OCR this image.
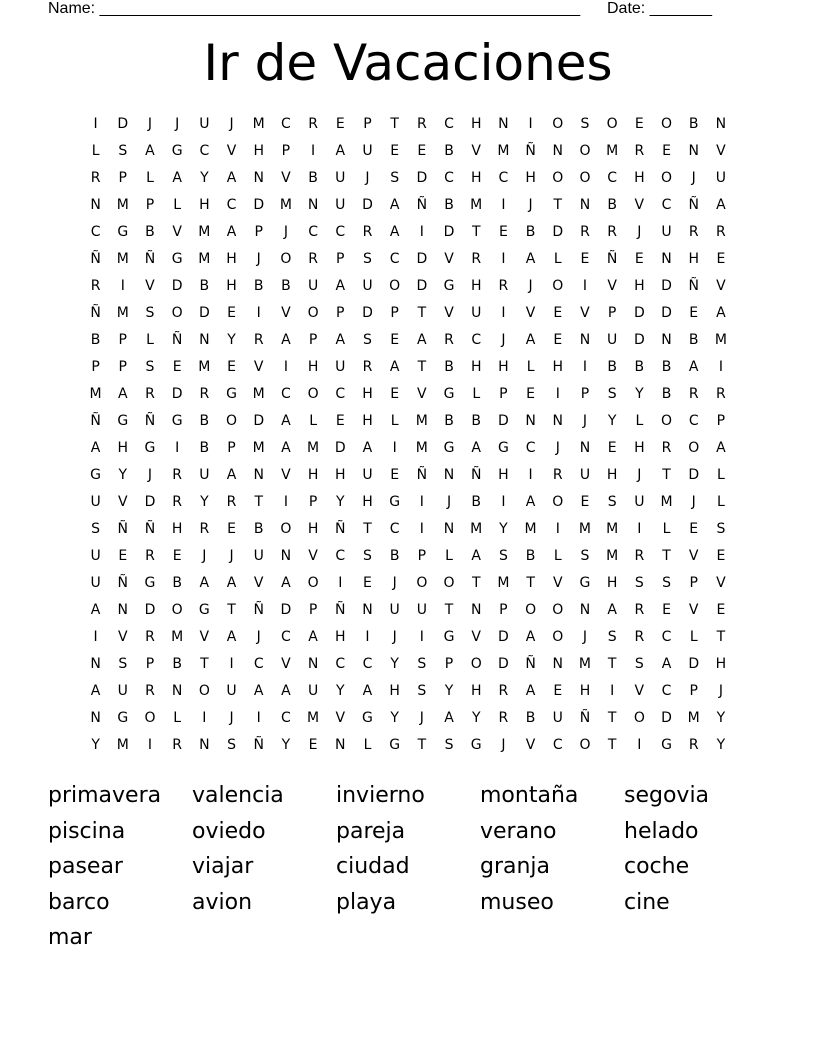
Name: ______________________________________________________ Date: _______
Ir de Vacaciones
I	D	J	J	U	J	M	C	R	E	P	T	R	C	H	N	I	O	S	O	E	O	B	N
L	S	A	G	C	V	H	P	I	A	U	E	E	B	V	M	Ñ	N	O	M	R	E	N	V
R	P	L	A	Y	A	N	V	B	U	J	S	D	C	H	C	H	O	O	C	H	O	J	U
N	M	P	L	H	C	D	M	N	U	D	A	Ñ	B	M	I	J	T	N	B	V	C	Ñ	A
C	G	B	V	M	A	P	J	C	C	R	A	I	D	T	E	B	D	R	R	J	U	R	R
Ñ	M	Ñ	G	M	H	J	O	R	P	S	C	D	V	R	I	A	L	E	Ñ	E	N	H	E
R	I	V	D	B	H	B	B	U	A	U	O	D	G	H	R	J	O	I	V	H	D	Ñ	V
Ñ	M	S	O	D	E	I	V	O	P	D	P	T	V	U	I	V	E	V	P	D	D	E	A
B	P	L	Ñ	N	Y	R	A	P	A	S	E	A	R	C	J	A	E	N	U	D	N	B	M
P	P	S	E	M	E	V	I	H	U	R	A	T	B	H	H	L	H	I	B	B	B	A	I
M	A	R	D	R	G	M	C	O	C	H	E	V	G	L	P	E	I	P	S	Y	B	R	R
Ñ	G	Ñ	G	B	O	D	A	L	E	H	L	M	B	B	D	N	N	J	Y	L	O	C	P
A	H	G	I	B	P	M	A	M	D	A	I	M	G	A	G	C	J	N	E	H	R	O	A
G	Y	J	R	U	A	N	V	H	H	U	E	Ñ	N	Ñ	H	I	R	U	H	J	T	D	L
U	V	D	R	Y	R	T	I	P	Y	H	G	I	J	B	I	A	O	E	S	U	M	J	L
S	Ñ	Ñ	H	R	E	B	O	H	Ñ	T	C	I	N	M	Y	M	I	M	M	I	L	E	S
U	E	R	E	J	J	U	N	V	C	S	B	P	L	A	S	B	L	S	M	R	T	V	E
U	Ñ	G	B	A	A	V	A	O	I	E	J	O	O	T	M	T	V	G	H	S	S	P	V
A	N	D	O	G	T	Ñ	D	P	Ñ	N	U	U	T	N	P	O	O	N	A	R	E	V	E
I	V	R	M	V	A	J	C	A	H	I	J	I	G	V	D	A	O	J	S	R	C	L	T
N	S	P	B	T	I	C	V	N	C	C	Y	S	P	O	D	Ñ	N	M	T	S	A	D	H
A	U	R	N	O	U	A	A	U	Y	A	H	S	Y	H	R	A	E	H	I	V	C	P	J
N	G	O	L	I	J	I	C	M	V	G	Y	J	A	Y	R	B	U	Ñ	T	O	D	M	Y
Y	M	I	R	N	S	Ñ	Y	E	N	L	G	T	S	G	J	V	C	O	T	I	G	R	Y
primavera	valencia	invierno	montaña	segovia
piscina	oviedo	pareja	verano	helado
pasear	viajar	ciudad	granja	coche
barco	avion	playa	museo	cine
mar
